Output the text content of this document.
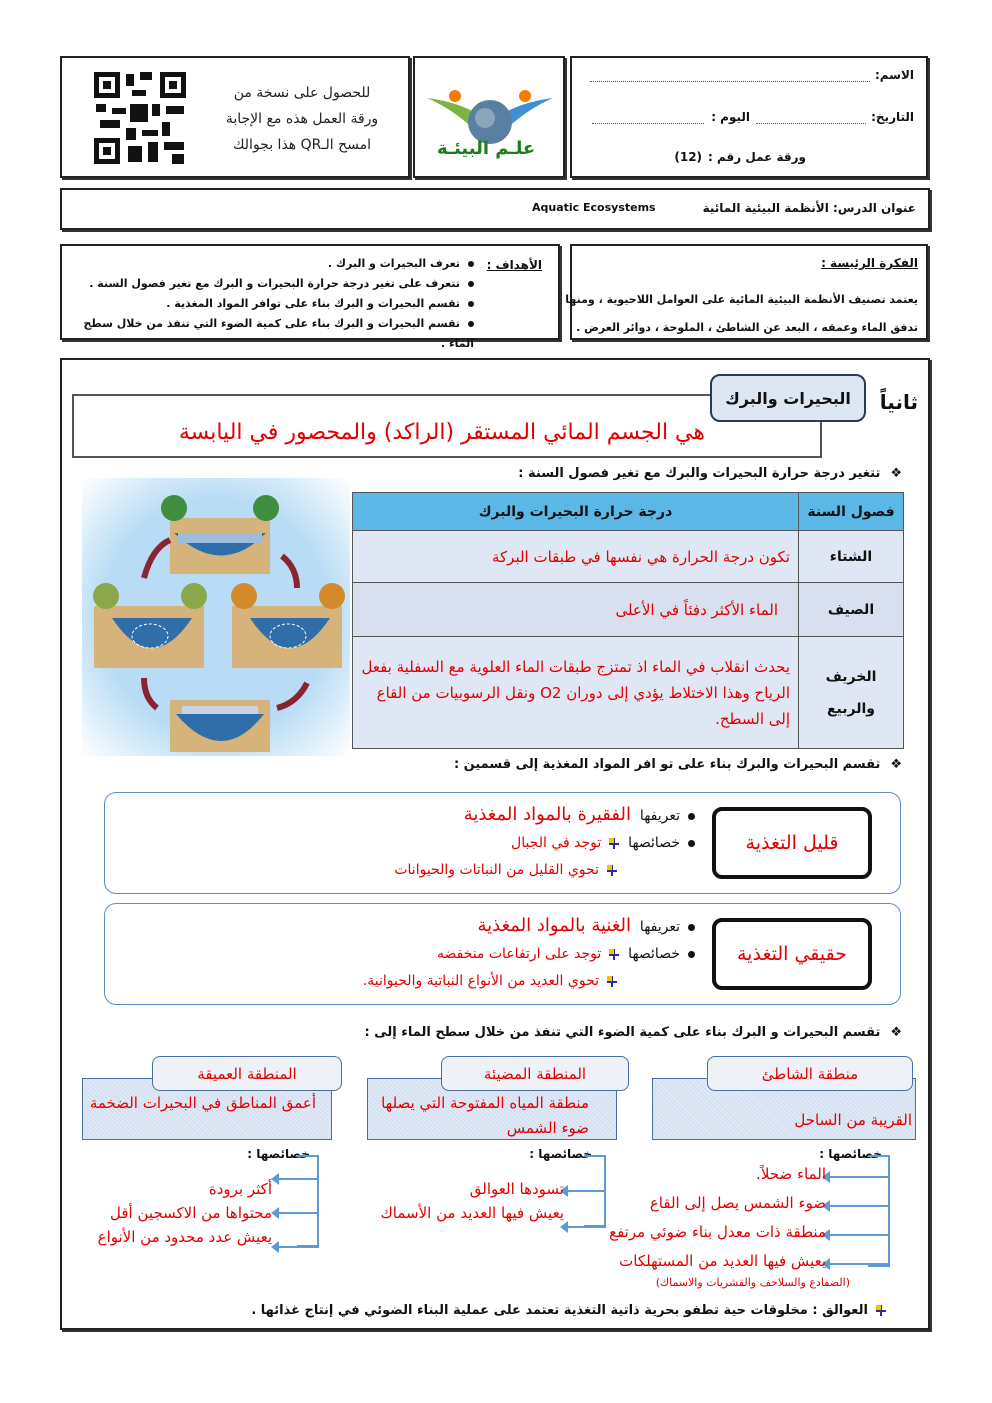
الاسم:
التاريخ:
اليوم :
ورقة عمل رقم :
(12)
علـم البيئـة
للحصول على نسخة من
ورقة العمل هذه مع الإجابة
امسح الـQR هذا بجوالك
عنوان الدرس: الأنظمة البيئية المائية
Aquatic Ecosystems
الأهداف :
تعرف البحيرات و البرك .
تتعرف على تغير درجة حرارة البحيرات و البرك مع تغير فصول السنة .
تقسم البحيرات و البرك بناء على توافر المواد المغذية .
تقسم البحيرات و البرك بناء على كمية الضوء التي تنفذ من خلال سطح الماء .
الفكرة الرئيسة :
يعتمد تصنيف الأنظمة البيئية المائية على العوامل اللاحيوية ، ومنها
تدفق الماء وعمقه ، البعد عن الشاطئ ، الملوحة ، دوائر العرض .
ثانياً
هي الجسم المائي المستقر (الراكد) والمحصور في اليابسة
البحيرات والبرك
❖تتغير درجة حرارة البحيرات والبرك مع تغير فصول السنة :
فصول السنة	درجة حرارة البحيرات والبرك
الشتاء	تكون درجة الحرارة هي نفسها في طبقات البركة
الصيف	الماء الأكثر دفئاً في الأعلى
الخريف والربيع	يحدث انقلاب في الماء اذ تمتزج طبقات الماء العلوية مع السفلية بفعل الرياح وهذا الاختلاط يؤدي إلى دوران O2 ونقل الرسوبيات من القاع إلى السطح.
❖تقسم البحيرات والبرك بناء على تو افر المواد المغذية إلى قسمين :
قليل التغذية
تعريفها  الفقيرة بالمواد المغذية
خصائصها
توجد في الجبال
تحوي القليل من النباتات والحيوانات
حقيقي التغذية
تعريفها  الغنية بالمواد المغذية
خصائصها
توجد على ارتفاعات منخفضه
تحوي العديد من الأنواع النباتية والحيوانية.
❖تقسم البحيرات و البرك بناء على كمية الضوء التي تنفذ من خلال سطح الماء إلى :
منطقة الشاطئ
القريبة من الساحل
المنطقة المضيئة
منطقة المياه المفتوحة التي يصلها ضوء الشمس
المنطقة العميقة
أعمق المناطق في البحيرات الضخمة
خصائصها :
الماء ضحلاً.
ضوء الشمس يصل إلى القاع
منطقة ذات معدل بناء ضوئي مرتفع
يعيش فيها العديد من المستهلكات
(الضفادع والسلاحف والقشريات والاسماك)
خصائصها :
تسودها العوالق
يعيش فيها العديد من الأسماك
خصائصها :
أكثر برودة
محتواها من الاكسجين أقل
يعيش عدد محدود من الأنواع
العوالق : مخلوقات حية تطفو بحرية ذاتية التغذية تعتمد على عملية البناء الضوئي في إنتاج غذائها .
